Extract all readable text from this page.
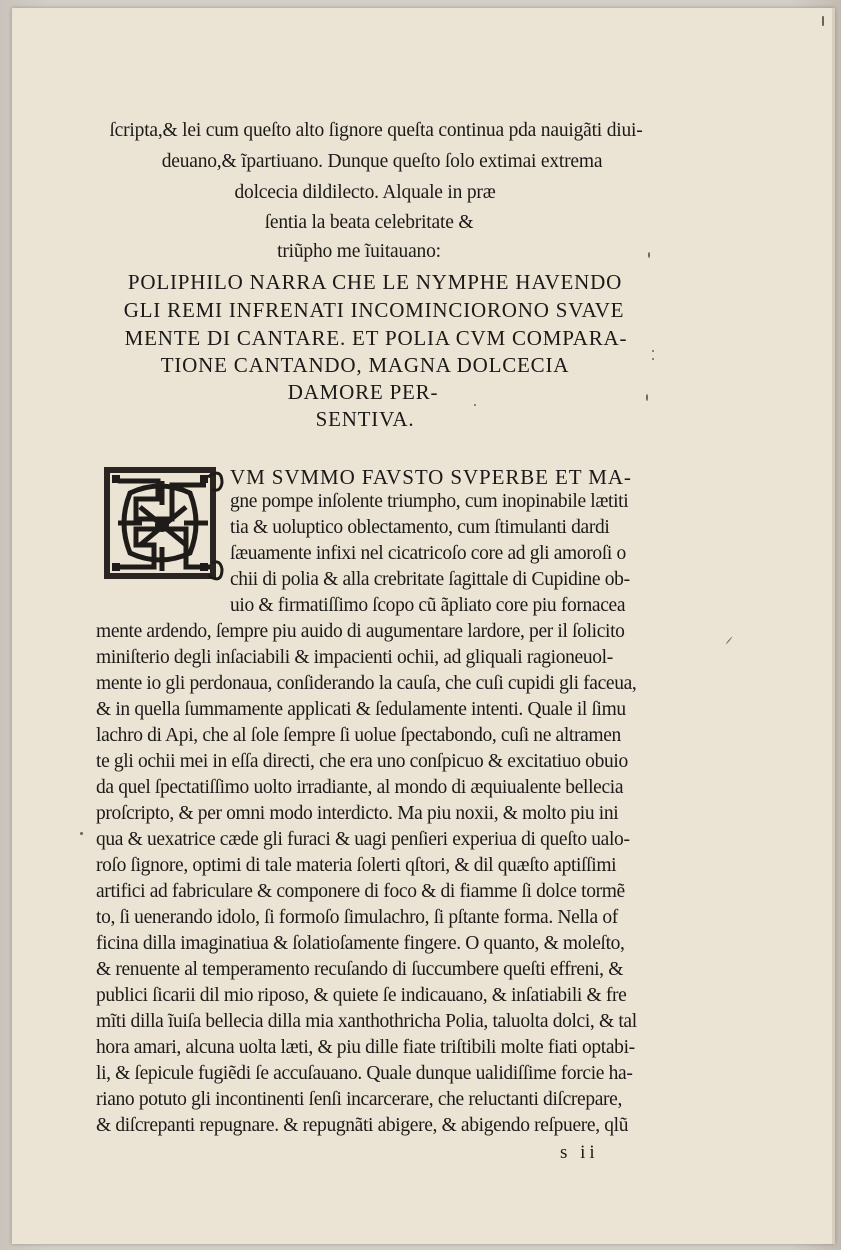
ſcripta,& lei cum queſto alto ſignore queſta continua pda nauigãti diui-
deuano,& ĩpartiuano. Dunque queſto ſolo extimai extrema
dolcecia dildilecto. Alquale in præ
ſentia la beata celebritate &
triũpho me ĩuitauano:
POLIPHILO NARRA CHE LE NYMPHE HAVENDO
GLI REMI INFRENATI INCOMINCIORONO SVAVE
MENTE DI CANTARE. ET POLIA CVM COMPARA-
TIONE CANTANDO, MAGNA DOLCECIA
DAMORE PER-
SENTIVA.
VM SVMMO FAVSTO SVPERBE ET MA-
gne pompe inſolente triumpho, cum inopinabile lætiti
tia & uoluptico oblectamento, cum ſtimulanti dardi
ſæuamente infixi nel cicatricoſo core ad gli amoroſi o
chii di polia & alla crebritate ſagittale di Cupidine ob-
uio & firmatiſſimo ſcopo cũ ãpliato core piu fornacea
mente ardendo, ſempre piu auido di augumentare lardore, per il ſolicito
miniſterio degli inſaciabili & impacienti ochii, ad gliquali ragioneuol-
mente io gli perdonaua, conſiderando la cauſa, che cuſi cupidi gli faceua,
& in quella ſummamente applicati & ſedulamente intenti. Quale il ſimu
lachro di Api, che al ſole ſempre ſi uolue ſpectabondo, cuſi ne altramen
te gli ochii mei in eſſa directi, che era uno conſpicuo & excitatiuo obuio
da quel ſpectatiſſimo uolto irradiante, al mondo di æquiualente bellecia
proſcripto, & per omni modo interdicto. Ma piu noxii, & molto piu ini
qua & uexatrice cæde gli furaci & uagi penſieri experiua di queſto ualo-
roſo ſignore, optimi di tale materia ſolerti qſtori, & dil quæſto aptiſſimi
artifici ad fabriculare & componere di foco & di fiamme ſi dolce tormẽ
to, ſi uenerando idolo, ſi formoſo ſimulachro, ſi pſtante forma. Nella of
ficina dilla imaginatiua & ſolatioſamente fingere. O quanto, & moleſto,
& renuente al temperamento recuſando di ſuccumbere queſti effreni, &
publici ſicarii dil mio riposo, & quiete ſe indicauano, & inſatiabili & fre
mĩti dilla ĩuiſa bellecia dilla mia xanthothricha Polia, taluolta dolci, & tal
hora amari, alcuna uolta læti, & piu dille fiate triſtibili molte fiati optabi-
li, & ſepicule fugiẽdi ſe accuſauano. Quale dunque ualidiſſime forcie ha-
riano potuto gli incontinenti ſenſi incarcerare, che reluctanti diſcrepare,
& diſcrepanti repugnare. & repugnãti abigere, & abigendo reſpuere, qlũ
s ii
